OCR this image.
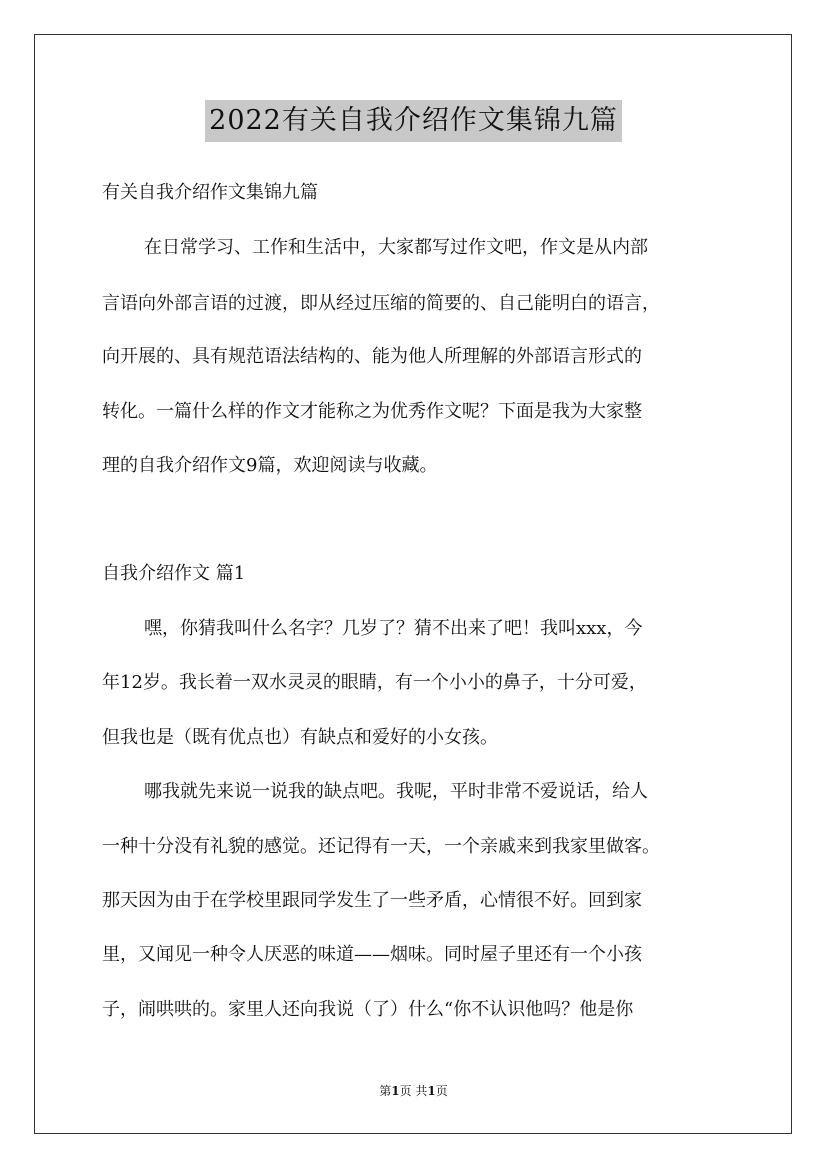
2022有关自我介绍作文集锦九篇
有关自我介绍作文集锦九篇
在日常学习、工作和生活中，大家都写过作文吧，作文是从内部
言语向外部言语的过渡，即从经过压缩的简要的、自己能明白的语言，
向开展的、具有规范语法结构的、能为他人所理解的外部语言形式的
转化。一篇什么样的作文才能称之为优秀作文呢？下面是我为大家整
理的自我介绍作文9篇，欢迎阅读与收藏。
自我介绍作文 篇1
嘿，你猜我叫什么名字？几岁了？猜不出来了吧！我叫xxx，今
年12岁。我长着一双水灵灵的眼睛，有一个小小的鼻子，十分可爱，
但我也是（既有优点也）有缺点和爱好的小女孩。
哪我就先来说一说我的缺点吧。我呢，平时非常不爱说话，给人
一种十分没有礼貌的感觉。还记得有一天，一个亲戚来到我家里做客。
那天因为由于在学校里跟同学发生了一些矛盾，心情很不好。回到家
里，又闻见一种令人厌恶的味道——烟味。同时屋子里还有一个小孩
子，闹哄哄的。家里人还向我说（了）什么“你不认识他吗？他是你
第1页 共1页
